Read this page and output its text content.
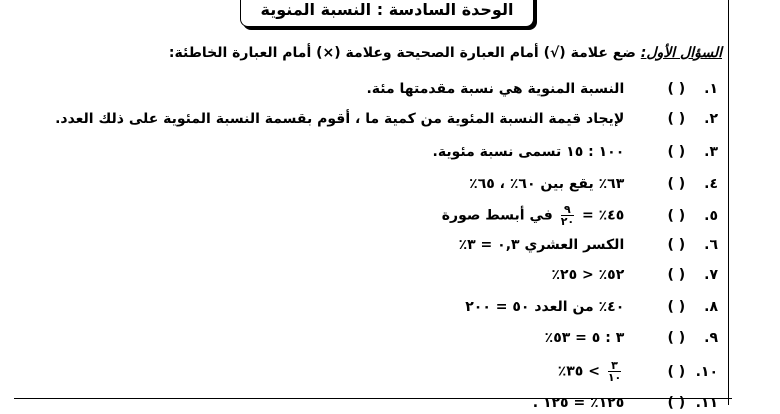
الوحدة السادسة : النسبة المنوية
السؤال الأول: ضع علامة (√) أمام العبارة الصحيحة وعلامة (×) أمام العبارة الخاطئة:
١. ( ) النسبة المنوية هي نسبة مقدمتها مئة.
٢. ( ) لإيجاد قيمة النسبة المئوية من كمية ما ، أقوم بقسمة النسبة المئوية على ذلك العدد.
٣. ( ) ١٠٠ : ١٥ تسمى نسبة مئوية.
٤. ( ) ٦٣٪ يقع بين ٦٠٪ ، ٦٥٪
٥. ( ) ٤٥٪ =
$\frac{٩}{٢٠}$
في أبسط صورة
٦. ( ) الكسر العشري ٠,٣ = ٣٪
٧. ( ) ٥٢٪ < ٢٥٪
٨. ( ) ٤٠٪ من العدد ٥٠ = ٢٠٠
٩. ( ) ٣ : ٥ = ٥٣٪
١٠. ( )
$\frac{٣}{١٠}$
> ٣٥٪
١١. ( ) ١٢٥٪ = ١٢٥ .
